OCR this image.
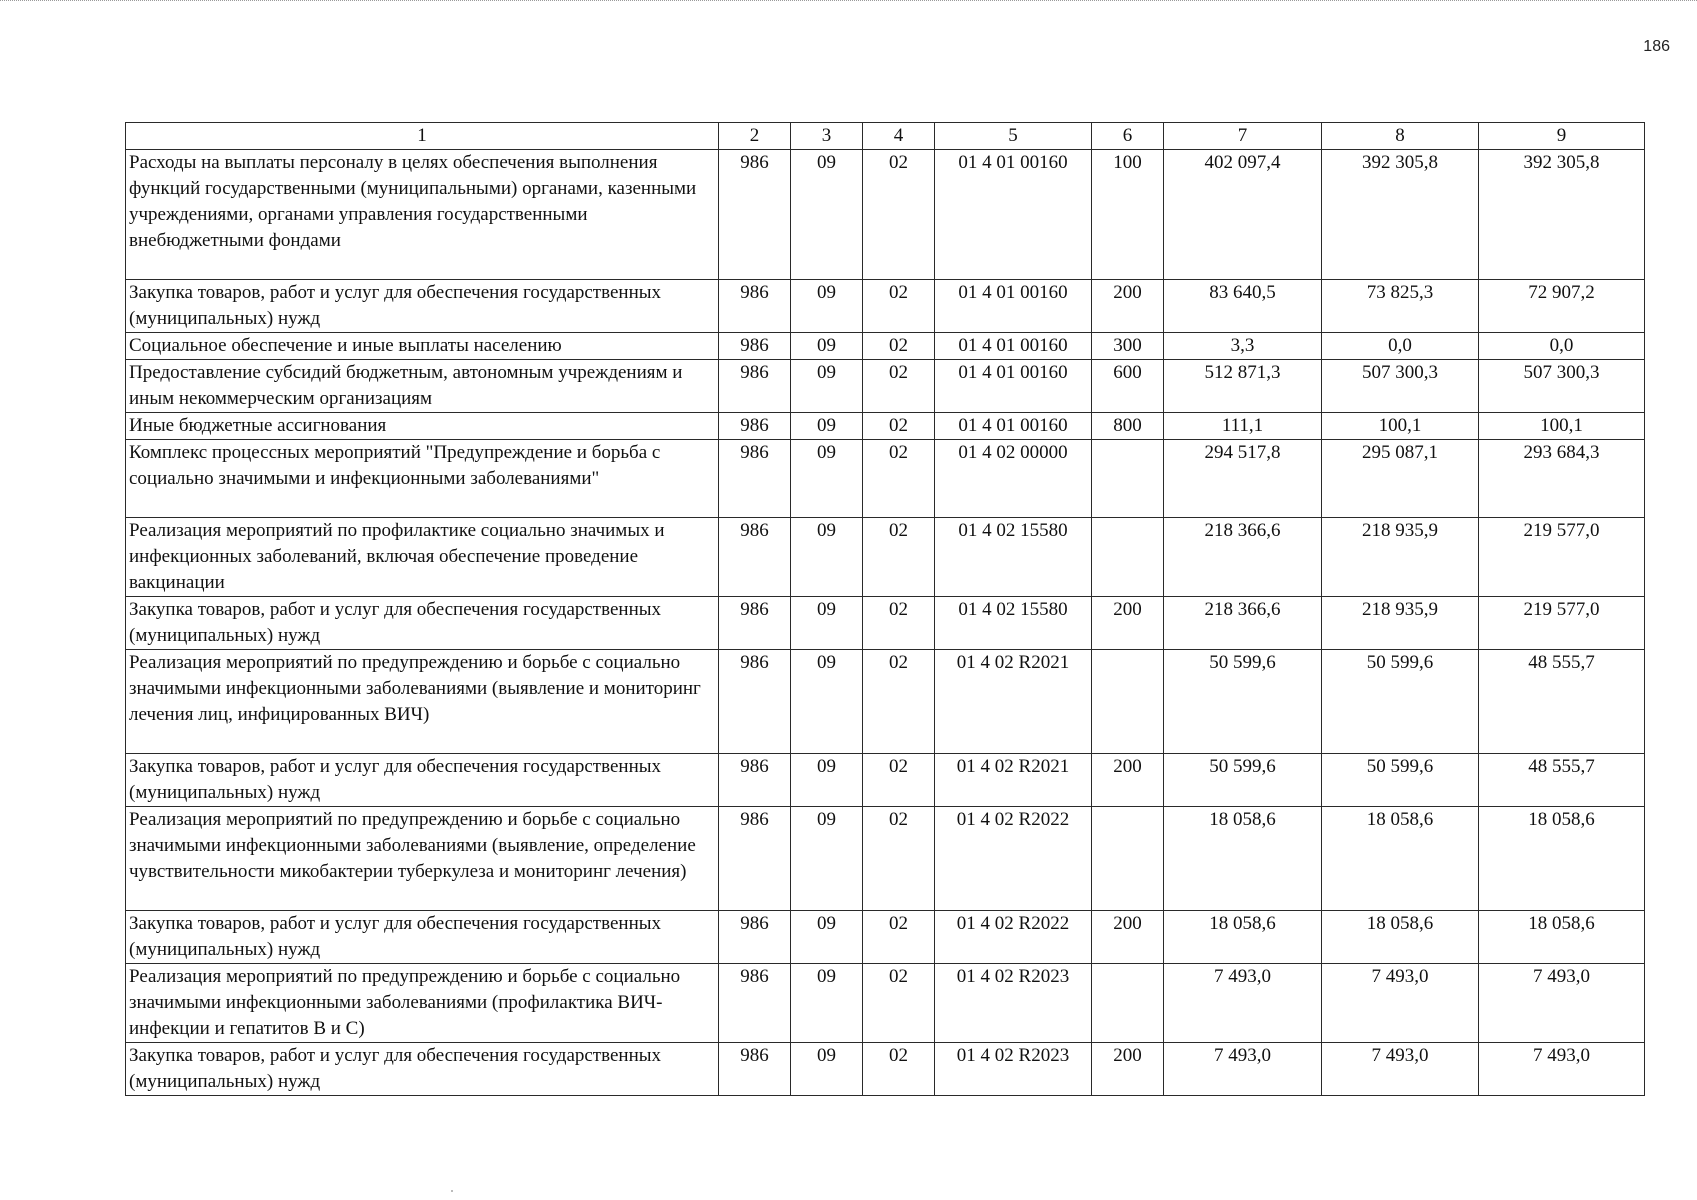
186
1	2	3	4	5	6	7	8	9
Расходы на выплаты персоналу в целях обеспечения выполнения функций государственными (муниципальными) органами, казенными учреждениями, органами управления государственными внебюджетными фондами	986	09	02	01 4 01 00160	100	402 097,4	392 305,8	392 305,8
Закупка товаров, работ и услуг для обеспечения государственных (муниципальных) нужд	986	09	02	01 4 01 00160	200	83 640,5	73 825,3	72 907,2
Социальное обеспечение и иные выплаты населению	986	09	02	01 4 01 00160	300	3,3	0,0	0,0
Предоставление субсидий бюджетным, автономным учреждениям и иным некоммерческим организациям	986	09	02	01 4 01 00160	600	512 871,3	507 300,3	507 300,3
Иные бюджетные ассигнования	986	09	02	01 4 01 00160	800	111,1	100,1	100,1
Комплекс процессных мероприятий "Предупреждение и борьба с социально значимыми и инфекционными заболеваниями"	986	09	02	01 4 02 00000		294 517,8	295 087,1	293 684,3
Реализация мероприятий по профилактике социально значимых и инфекционных заболеваний, включая обеспечение проведение вакцинации	986	09	02	01 4 02 15580		218 366,6	218 935,9	219 577,0
Закупка товаров, работ и услуг для обеспечения государственных (муниципальных) нужд	986	09	02	01 4 02 15580	200	218 366,6	218 935,9	219 577,0
Реализация мероприятий по предупреждению и борьбе с социально значимыми инфекционными заболеваниями (выявление и мониторинг лечения лиц, инфицированных ВИЧ)	986	09	02	01 4 02 R2021		50 599,6	50 599,6	48 555,7
Закупка товаров, работ и услуг для обеспечения государственных (муниципальных) нужд	986	09	02	01 4 02 R2021	200	50 599,6	50 599,6	48 555,7
Реализация мероприятий по предупреждению и борьбе с социально значимыми инфекционными заболеваниями (выявление, определение чувствительности микобактерии туберкулеза и мониторинг лечения)	986	09	02	01 4 02 R2022		18 058,6	18 058,6	18 058,6
Закупка товаров, работ и услуг для обеспечения государственных (муниципальных) нужд	986	09	02	01 4 02 R2022	200	18 058,6	18 058,6	18 058,6
Реализация мероприятий по предупреждению и борьбе с социально значимыми инфекционными заболеваниями (профилактика ВИЧ-инфекции и гепатитов В и С)	986	09	02	01 4 02 R2023		7 493,0	7 493,0	7 493,0
Закупка товаров, работ и услуг для обеспечения государственных (муниципальных) нужд	986	09	02	01 4 02 R2023	200	7 493,0	7 493,0	7 493,0
